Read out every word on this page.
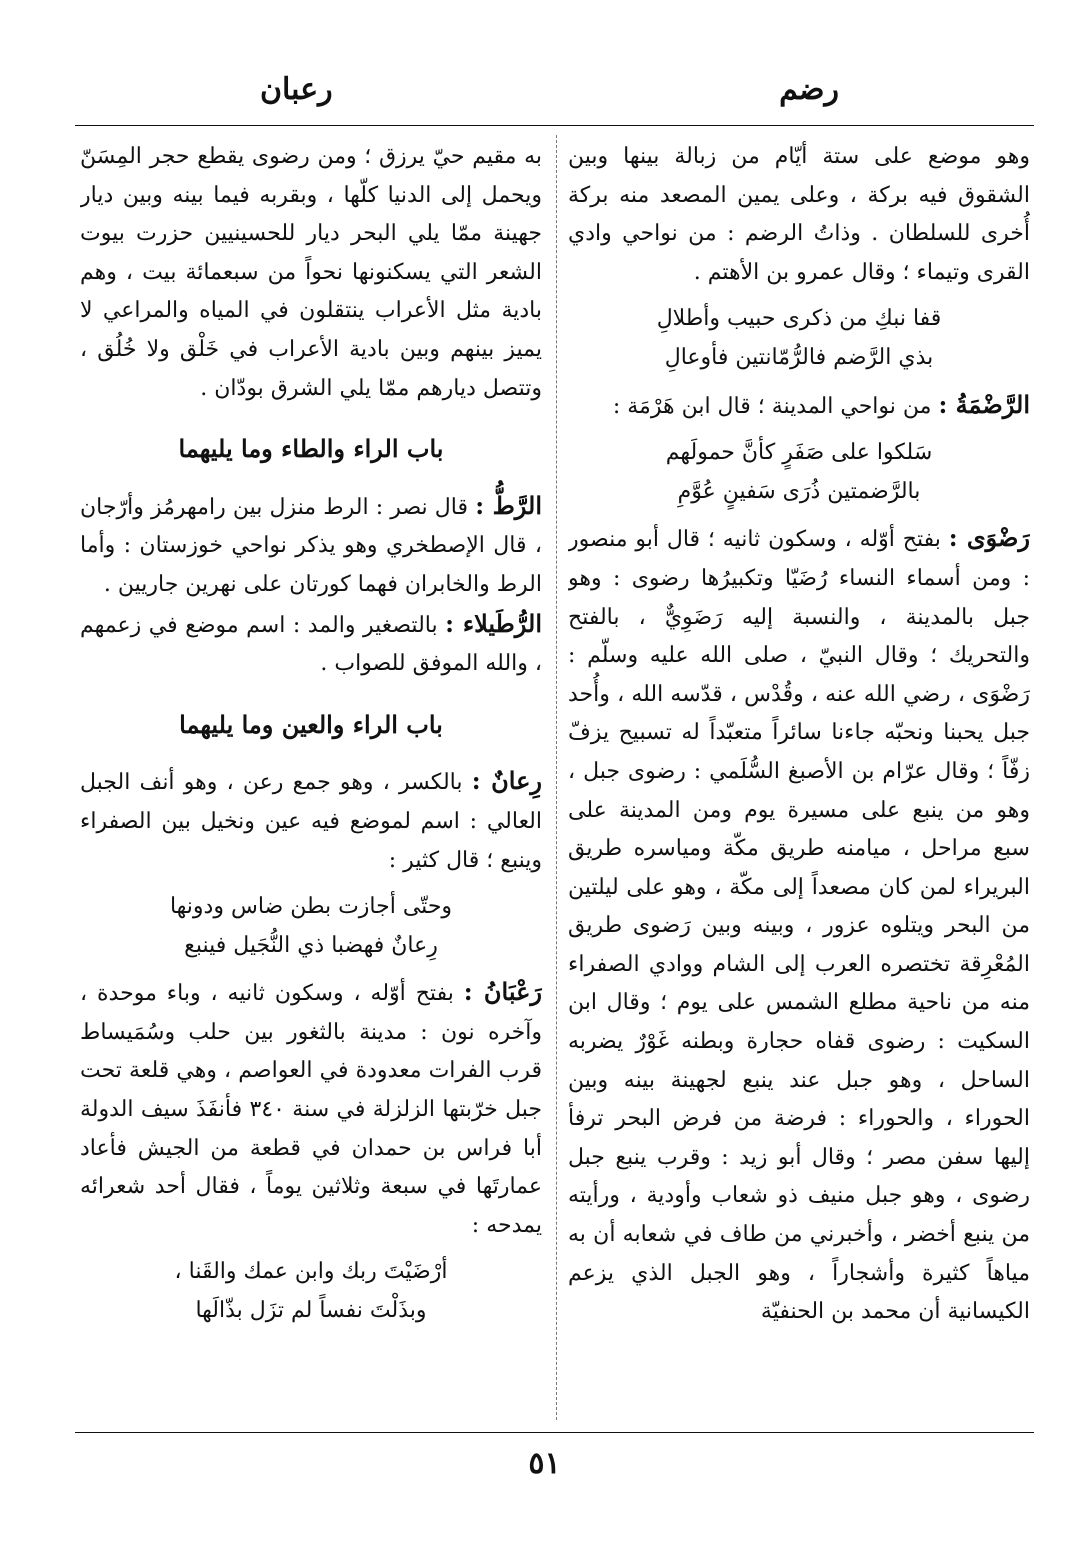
رضم
رعبان

وهو موضع على ستة أيّام من زبالة بينها وبين الشقوق فيه بركة ، وعلى يمين المصعد منه بركة أُخرى للسلطان . وذاتُ الرضم : من نواحي وادي القرى وتيماء ؛ وقال عمرو بن الأهتم .

قفا نبكِ من ذكرى حبيب وأطلالِ
بذي الرَّضم فالرُّمّانتين فأوعالِ

الرَّضْمَةُ : من نواحي المدينة ؛ قال ابن هَرْمَة :

سَلكوا على صَفَرٍ كأنَّ حمولَهم
بالرَّضمتين ذُرَى سَفينٍ عُوَّمِ

رَضْوَى : بفتح أوّله ، وسكون ثانيه ؛ قال أبو منصور : ومن أسماء النساء رُضَيّا وتكبيرُها رضوى : وهو جبل بالمدينة ، والنسبة إليه رَضَوِيٌّ ، بالفتح والتحريك ؛ وقال النبيّ ، صلى الله عليه وسلّم : رَضْوَى ، رضي الله عنه ، وقُدْس ، قدّسه الله ، وأُحد جبل يحبنا ونحبّه جاءنا سائراً متعبّداً له تسبيح يزفّ زفّاً ؛ وقال عرّام بن الأصبغ السُّلَمي : رضوى جبل ، وهو من ينبع على مسيرة يوم ومن المدينة على سبع مراحل ، ميامنه طريق مكّة ومياسره طريق البريراء لمن كان مصعداً إلى مكّة ، وهو على ليلتين من البحر ويتلوه عزور ، وبينه وبين رَضوى طريق المُعْرِقة تختصره العرب إلى الشام ووادي الصفراء منه من ناحية مطلع الشمس على يوم ؛ وقال ابن السكيت : رضوى قفاه حجارة وبطنه غَوْرٌ يضربه الساحل ، وهو جبل عند ينبع لجهينة بينه وبين الحوراء ، والحوراء : فرضة من فرض البحر ترفأ إليها سفن مصر ؛ وقال أبو زيد : وقرب ينبع جبل رضوى ، وهو جبل منيف ذو شعاب وأودية ، ورأيته من ينبع أخضر ، وأخبرني من طاف في شعابه أن به مياهاً كثيرة وأشجاراً ، وهو الجبل الذي يزعم الكيسانية أن محمد بن الحنفيّة

به مقيم حيّ يرزق ؛ ومن رضوى يقطع حجر المِسَنّ ويحمل إلى الدنيا كلّها ، وبقربه فيما بينه وبين ديار جهينة ممّا يلي البحر ديار للحسينيين حزرت بيوت الشعر التي يسكنونها نحواً من سبعمائة بيت ، وهم بادية مثل الأعراب ينتقلون في المياه والمراعي لا يميز بينهم وبين بادية الأعراب في خَلْق ولا خُلُق ، وتتصل ديارهم ممّا يلي الشرق بودّان .

باب الراء والطاء وما يليهما

الرَّطُّ : قال نصر : الرط منزل بين رامهرمُز وأرّجان ، قال الإصطخري وهو يذكر نواحي خوزستان : وأما الرط والخابران فهما كورتان على نهرين جاريين .

الرُّطَيلاء : بالتصغير والمد : اسم موضع في زعمهم ، والله الموفق للصواب .

باب الراء والعين وما يليهما

رِعانٌ : بالكسر ، وهو جمع رعن ، وهو أنف الجبل العالي : اسم لموضع فيه عين ونخيل بين الصفراء وينبع ؛ قال كثير :

وحتّى أجازت بطن ضاس ودونها
رِعانٌ فهضبا ذي النُّجَيل فينبع

رَعْبَانُ : بفتح أوّله ، وسكون ثانيه ، وباء موحدة ، وآخره نون : مدينة بالثغور بين حلب وسُمَيساط قرب الفرات معدودة في العواصم ، وهي قلعة تحت جبل خرّبتها الزلزلة في سنة ٣٤٠ فأنفَذَ سيف الدولة أبا فراس بن حمدان في قطعة من الجيش فأعاد عمارتَها في سبعة وثلاثين يوماً ، فقال أحد شعرائه يمدحه :

أرْضَيْتَ ربك وابن عمك والقَنا ،
وبذَلْتَ نفساً لم تزَل بذّالَها
٥١
